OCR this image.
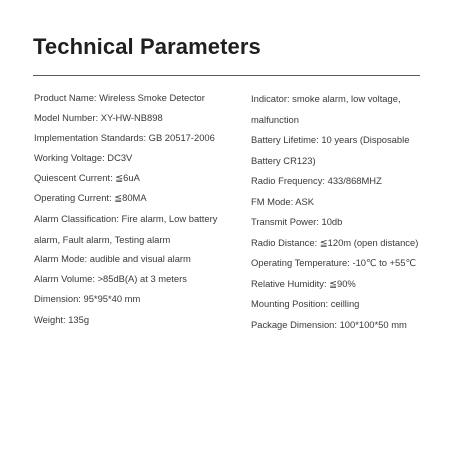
Technical Parameters

Product Name: Wireless Smoke Detector

Model Number: XY-HW-NB898

Implementation Standards: GB 20517-2006

Working Voltage: DC3V

Quiescent Current: ≦6uA

Operating Current: ≦80MA

Alarm Classification: Fire alarm, Low battery alarm, Fault alarm, Testing alarm

Alarm Mode: audible and visual alarm

Alarm Volume: >85dB(A) at 3 meters

Dimension: 95*95*40 mm

Weight: 135g

Indicator: smoke alarm, low voltage, malfunction

Battery Lifetime: 10 years (Disposable Battery CR123)

Radio Frequency: 433/868MHZ

FM Mode: ASK

Transmit Power: 10db

Radio Distance: ≦120m (open distance)

Operating Temperature: -10℃ to +55℃

Relative Humidity: ≦90%

Mounting Position: ceilling

Package Dimension: 100*100*50 mm
